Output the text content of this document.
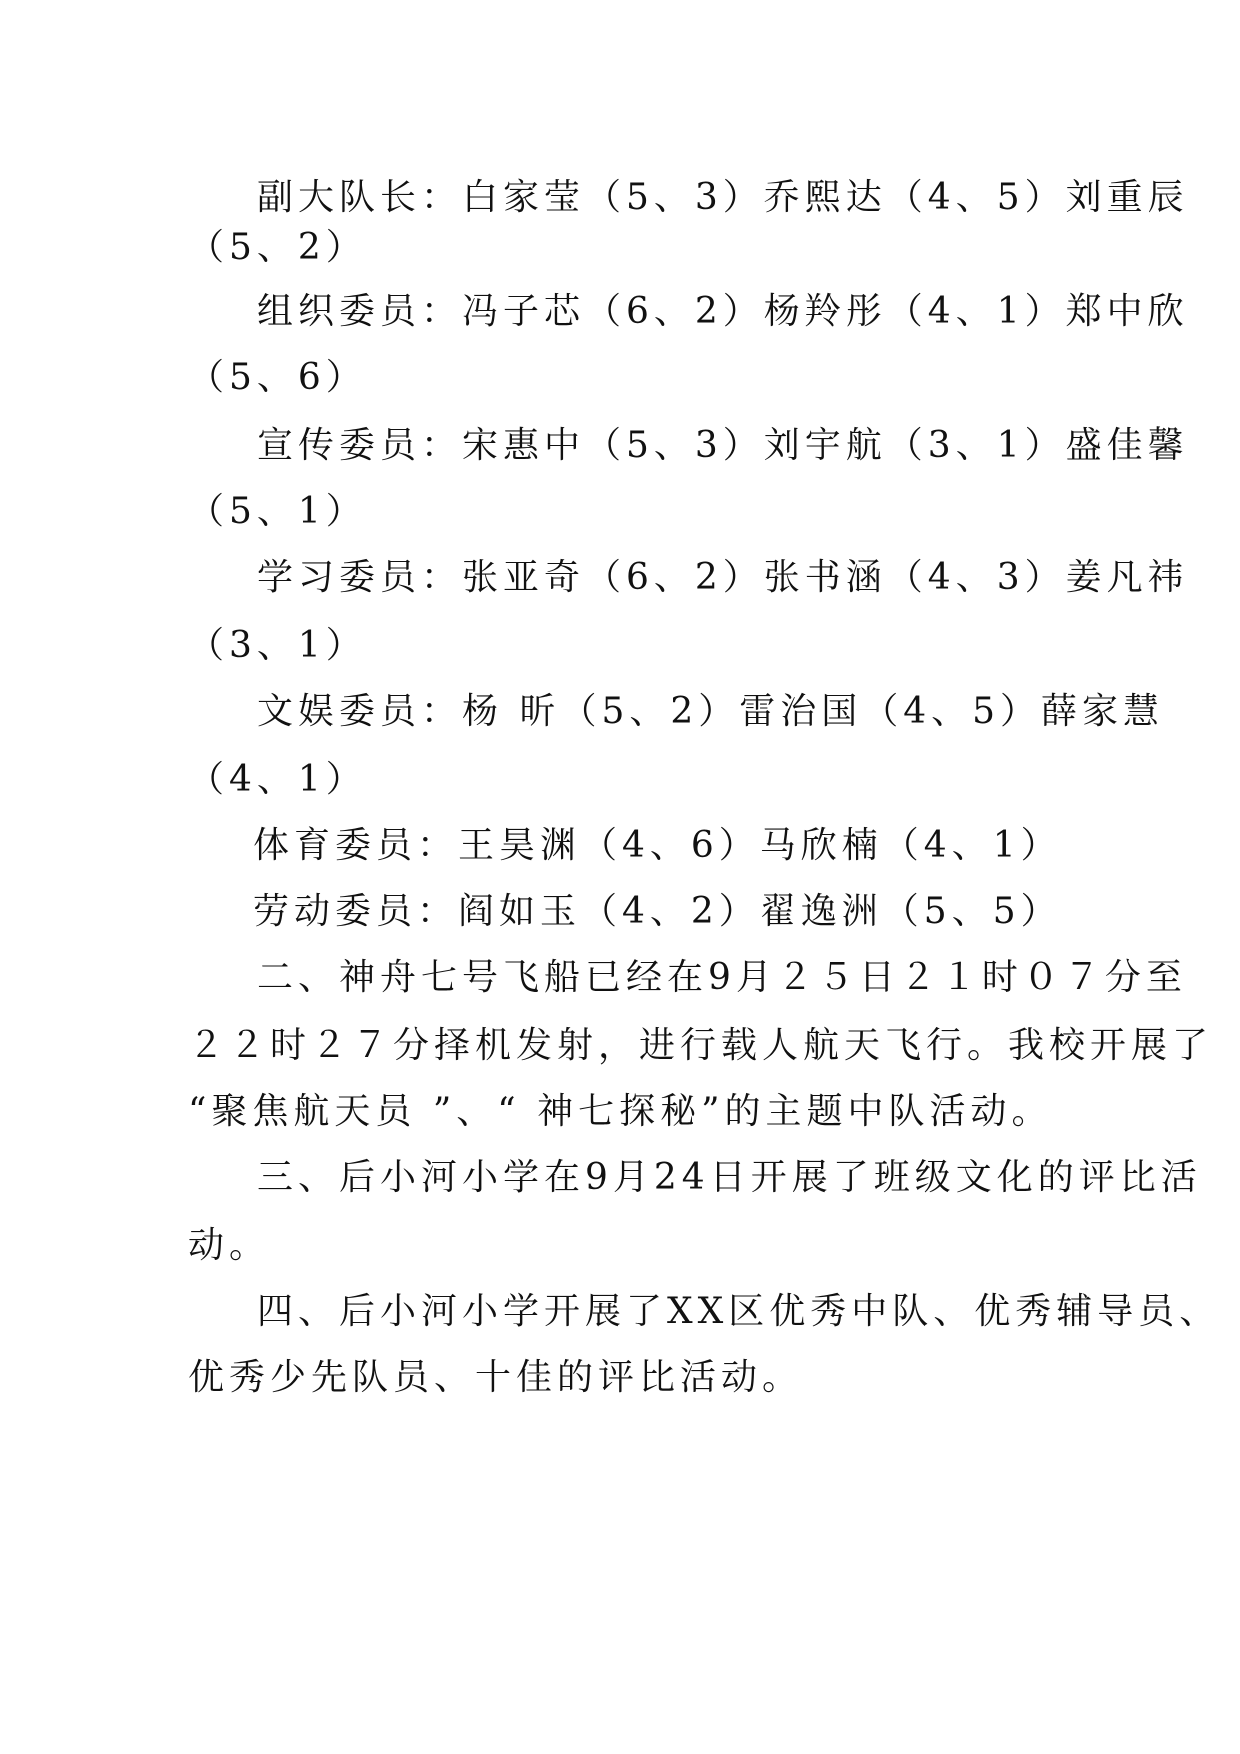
副大队长：白家莹（5、3）乔熙达（4、5）刘重辰
（5、2）
组织委员：冯子芯（6、2）杨羚彤（4、1）郑中欣
（5、6）
宣传委员：宋惠中（5、3）刘宇航（3、1）盛佳馨
（5、1）
学习委员：张亚奇（6、2）张书涵（4、3）姜凡祎
（3、1）
文娱委员：杨 昕（5、2）雷治国（4、5）薛家慧
（4、1）
体育委员：王昊渊（4、6）马欣楠（4、1）
劳动委员：阎如玉（4、2）翟逸洲（5、5）
二、神舟七号飞船已经在9月２５日２１时０７分至
２２时２７分择机发射，进行载人航天飞行。我校开展了
“聚焦航天员 ”、“ 神七探秘”的主题中队活动。
三、后小河小学在9月24日开展了班级文化的评比活
动。
四、后小河小学开展了XX区优秀中队、优秀辅导员、
优秀少先队员、十佳的评比活动。
